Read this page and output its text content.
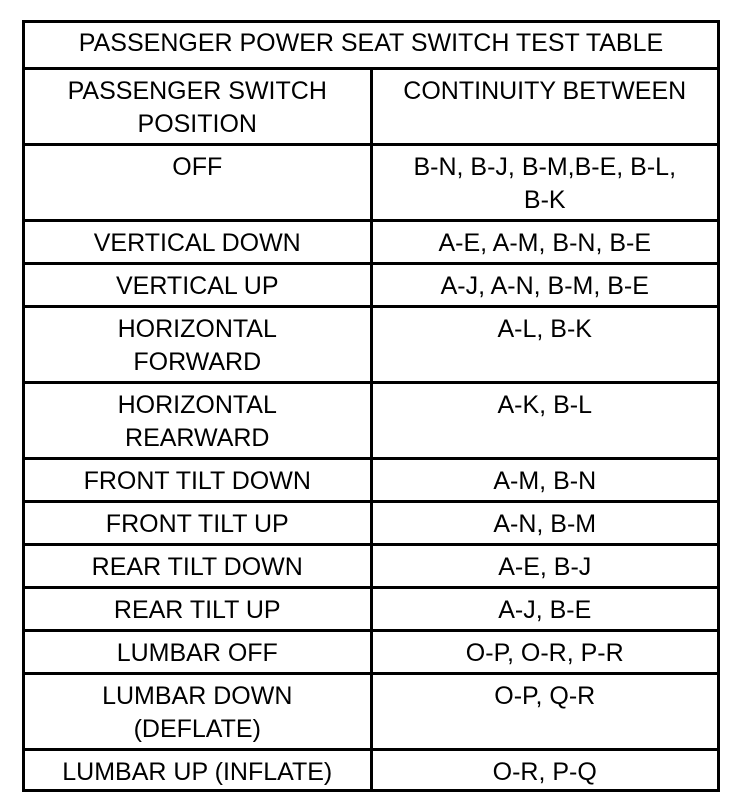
PASSENGER POWER SEAT SWITCH TEST TABLE	

PASSENGER SWITCH
POSITION	CONTINUITY BETWEEN

OFF	B-N, B-J, B-M,B-E, B-L,
B-K

VERTICAL DOWN	A-E, A-M, B-N, B-E

VERTICAL UP	A-J, A-N, B-M, B-E

HORIZONTAL
FORWARD	A-L, B-K

HORIZONTAL
REARWARD	A-K, B-L

FRONT TILT DOWN	A-M, B-N

FRONT TILT UP	A-N, B-M

REAR TILT DOWN	A-E, B-J

REAR TILT UP	A-J, B-E

LUMBAR OFF	O-P, O-R, P-R

LUMBAR DOWN
(DEFLATE)	O-P, Q-R

LUMBAR UP (INFLATE)	O-R, P-Q
